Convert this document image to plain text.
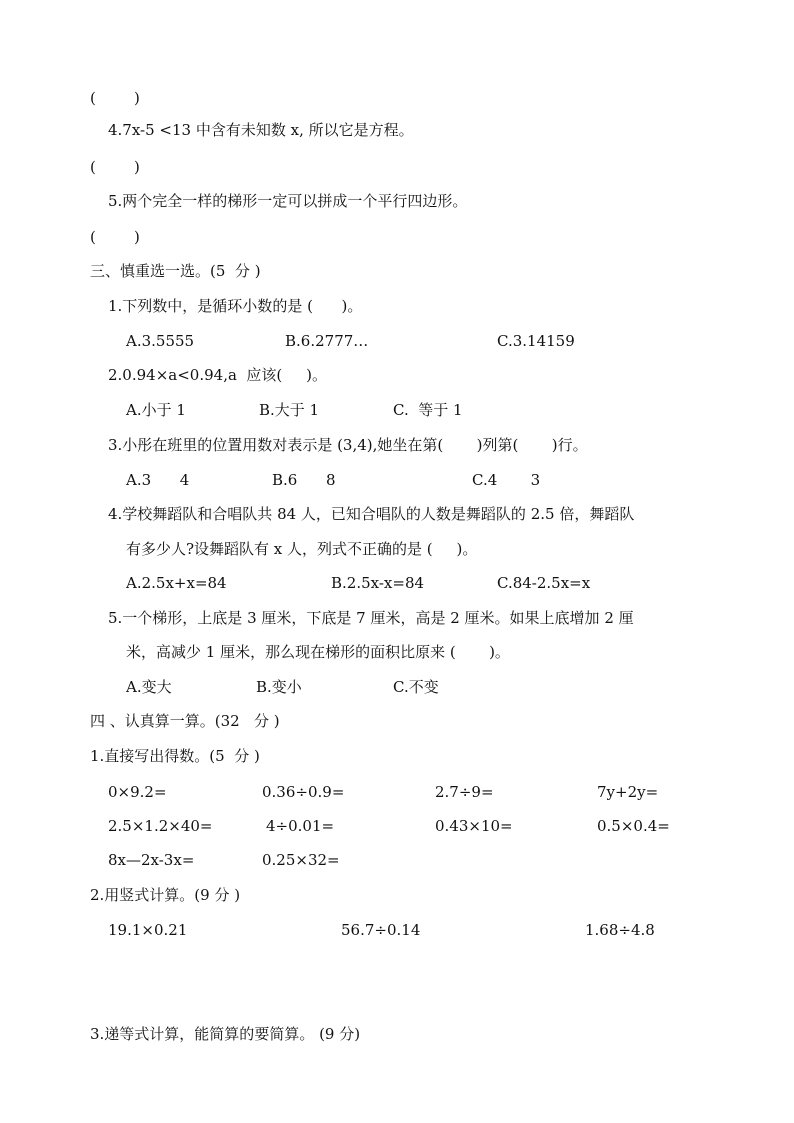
(        )
4.7x-5 <13 中含有未知数 x, 所以它是方程。
(        )
5.两个完全一样的梯形一定可以拼成一个平行四边形。
(        )
三、慎重选一选。(5  分 )
1.下列数中，是循环小数的是 (      )。
A.3.5555	B.6.2777…	C.3.14159
2.0.94×a<0.94,a  应该(     )。
A.小于 1	B.大于 1	C.  等于 1
3.小彤在班里的位置用数对表示是 (3,4),她坐在第(       )列第(       )行。
A.3      4	B.6      8	C.4       3
4.学校舞蹈队和合唱队共 84 人，已知合唱队的人数是舞蹈队的 2.5 倍，舞蹈队
有多少人?设舞蹈队有 x 人，列式不正确的是 (     )。
A.2.5x+x=84	B.2.5x-x=84	C.84-2.5x=x
5.一个梯形，上底是 3 厘米，下底是 7 厘米，高是 2 厘米。如果上底增加 2 厘
米，高减少 1 厘米，那么现在梯形的面积比原来 (       )。
A.变大	B.变小	C.不变
四 、认真算一算。(32   分 )
1.直接写出得数。(5  分 )
0×9.2=	0.36÷0.9=	2.7÷9=	7y+2y=
2.5×1.2×40=	4÷0.01=	0.43×10=	0.5×0.4=
8x—2x-3x=	0.25×32=
2.用竖式计算。(9 分 )
19.1×0.21	56.7÷0.14	1.68÷4.8
3.递等式计算，能简算的要简算。 (9 分)
